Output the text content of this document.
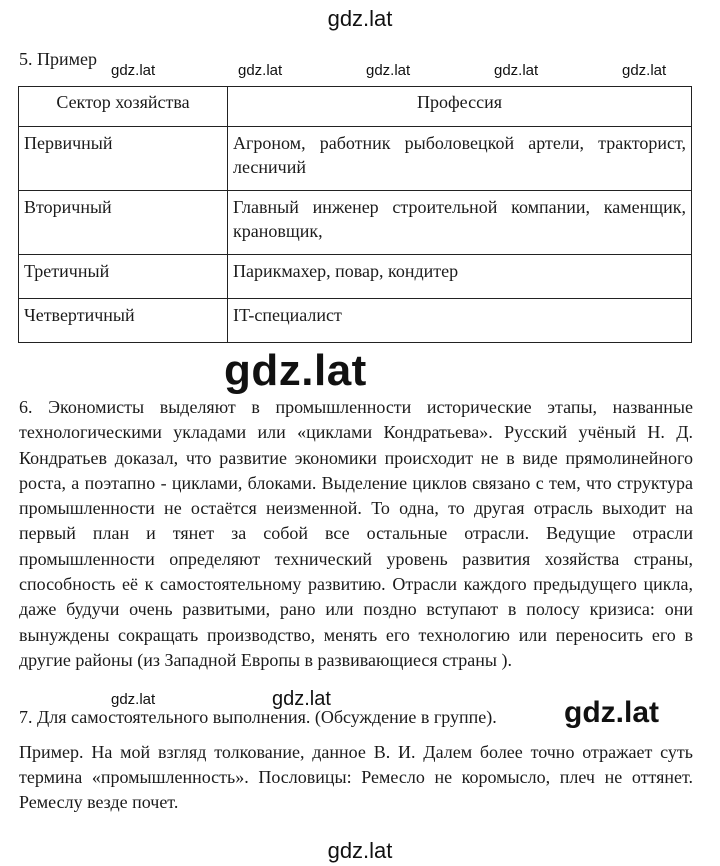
gdz.lat
5. Пример
gdz.lat	gdz.lat	gdz.lat	gdz.lat	gdz.lat
Сектор хозяйства	Профессия
Первичный	Агроном, работник рыболовецкой артели, тракторист, лесничий
Вторичный	Главный инженер строительной компании, каменщик, крановщик,
Третичный	Парикмахер, повар, кондитер
Четвертичный	IT-специалист

6. Экономисты выделяют в промышленности исторические этапы, названные технологическими укладами или «циклами Кондратьева». Русский учёный Н. Д. Кондратьев доказал, что развитие экономики происходит не в виде прямолинейного роста, а поэтапно - циклами, блоками. Выделение циклов связано с тем, что структура промышленности не остаётся неизменной. То одна, то другая отрасль выходит на первый план и тянет за собой все остальные отрасли. Ведущие отрасли промышленности определяют технический уровень развития хозяйства страны, способность её к самостоятельному развитию. Отрасли каждого предыдущего цикла, даже будучи очень развитыми, рано или поздно вступают в полосу кризиса: они вынуждены сокращать производство, менять его технологию или переносить его в другие районы (из Западной Европы в развивающиеся страны ).

gdz.lat
gdz.lat	gdz.lat
7. Для самостоятельного выполнения. (Обсуждение в группе). gdz.lat

Пример. На мой взгляд толкование, данное В. И. Далем более точно отражает суть термина «промышленность». Пословицы: Ремесло не коромысло, плеч не оттянет. Ремеслу везде почет.

gdz.lat
